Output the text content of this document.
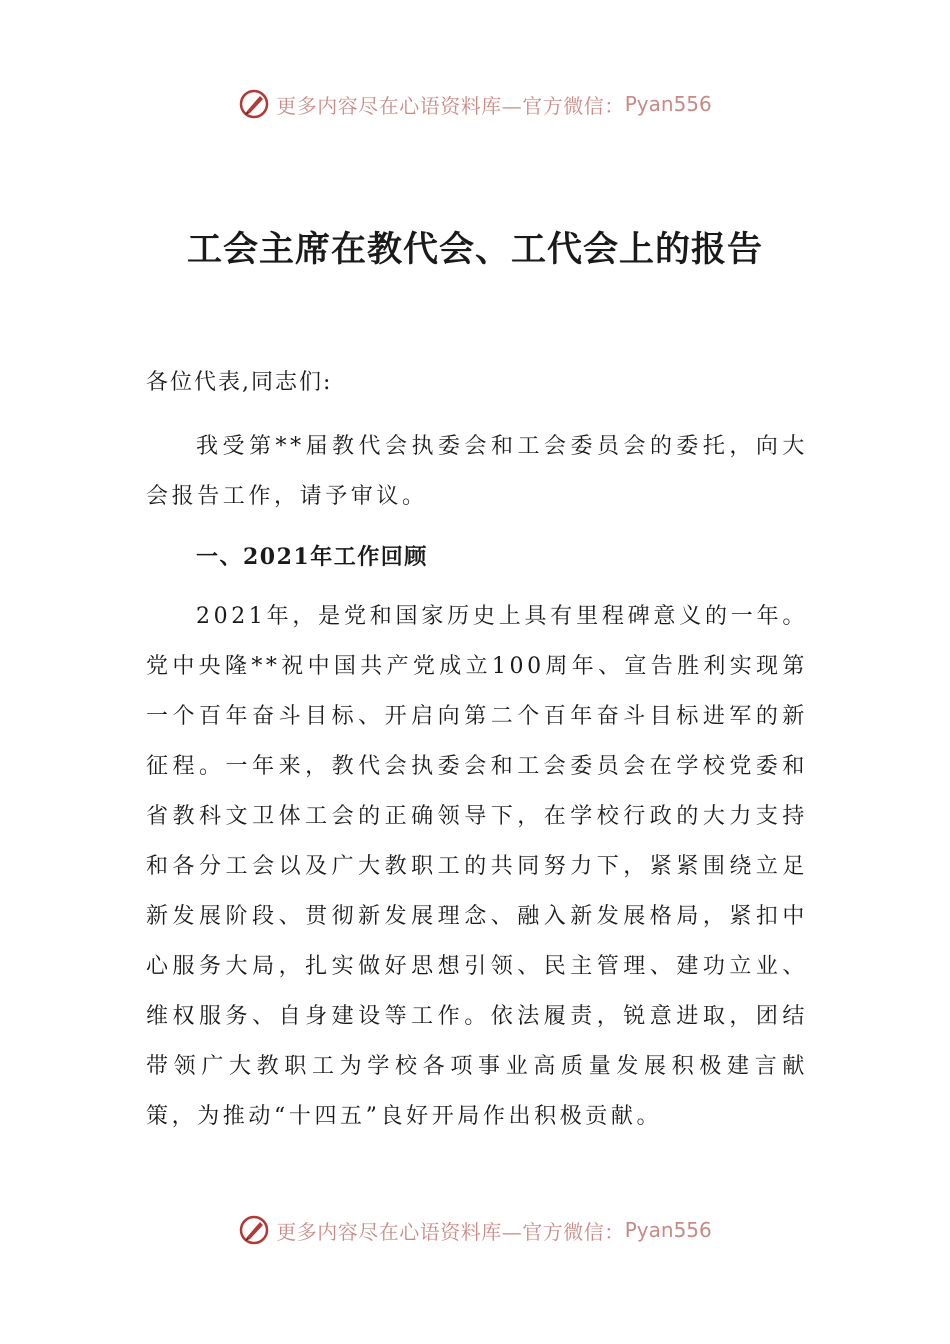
更多内容尽在心语资料库—官方微信： Pyan556
工会主席在教代会、工代会上的报告

各位代表,同志们:

我受第**届教代会执委会和工会委员会的委托，向大会报告工作，请予审议。

一、2021年工作回顾

2021年，是党和国家历史上具有里程碑意义的一年。党中央隆**祝中国共产党成立100周年、宣告胜利实现第一个百年奋斗目标、开启向第二个百年奋斗目标进军的新征程。一年来，教代会执委会和工会委员会在学校党委和省教科文卫体工会的正确领导下，在学校行政的大力支持和各分工会以及广大教职工的共同努力下，紧紧围绕立足新发展阶段、贯彻新发展理念、融入新发展格局，紧扣中心服务大局，扎实做好思想引领、民主管理、建功立业、维权服务、自身建设等工作。依法履责，锐意进取，团结带领广大教职工为学校各项事业高质量发展积极建言献策，为推动“十四五”良好开局作出积极贡献。

更多内容尽在心语资料库—官方微信： Pyan556
